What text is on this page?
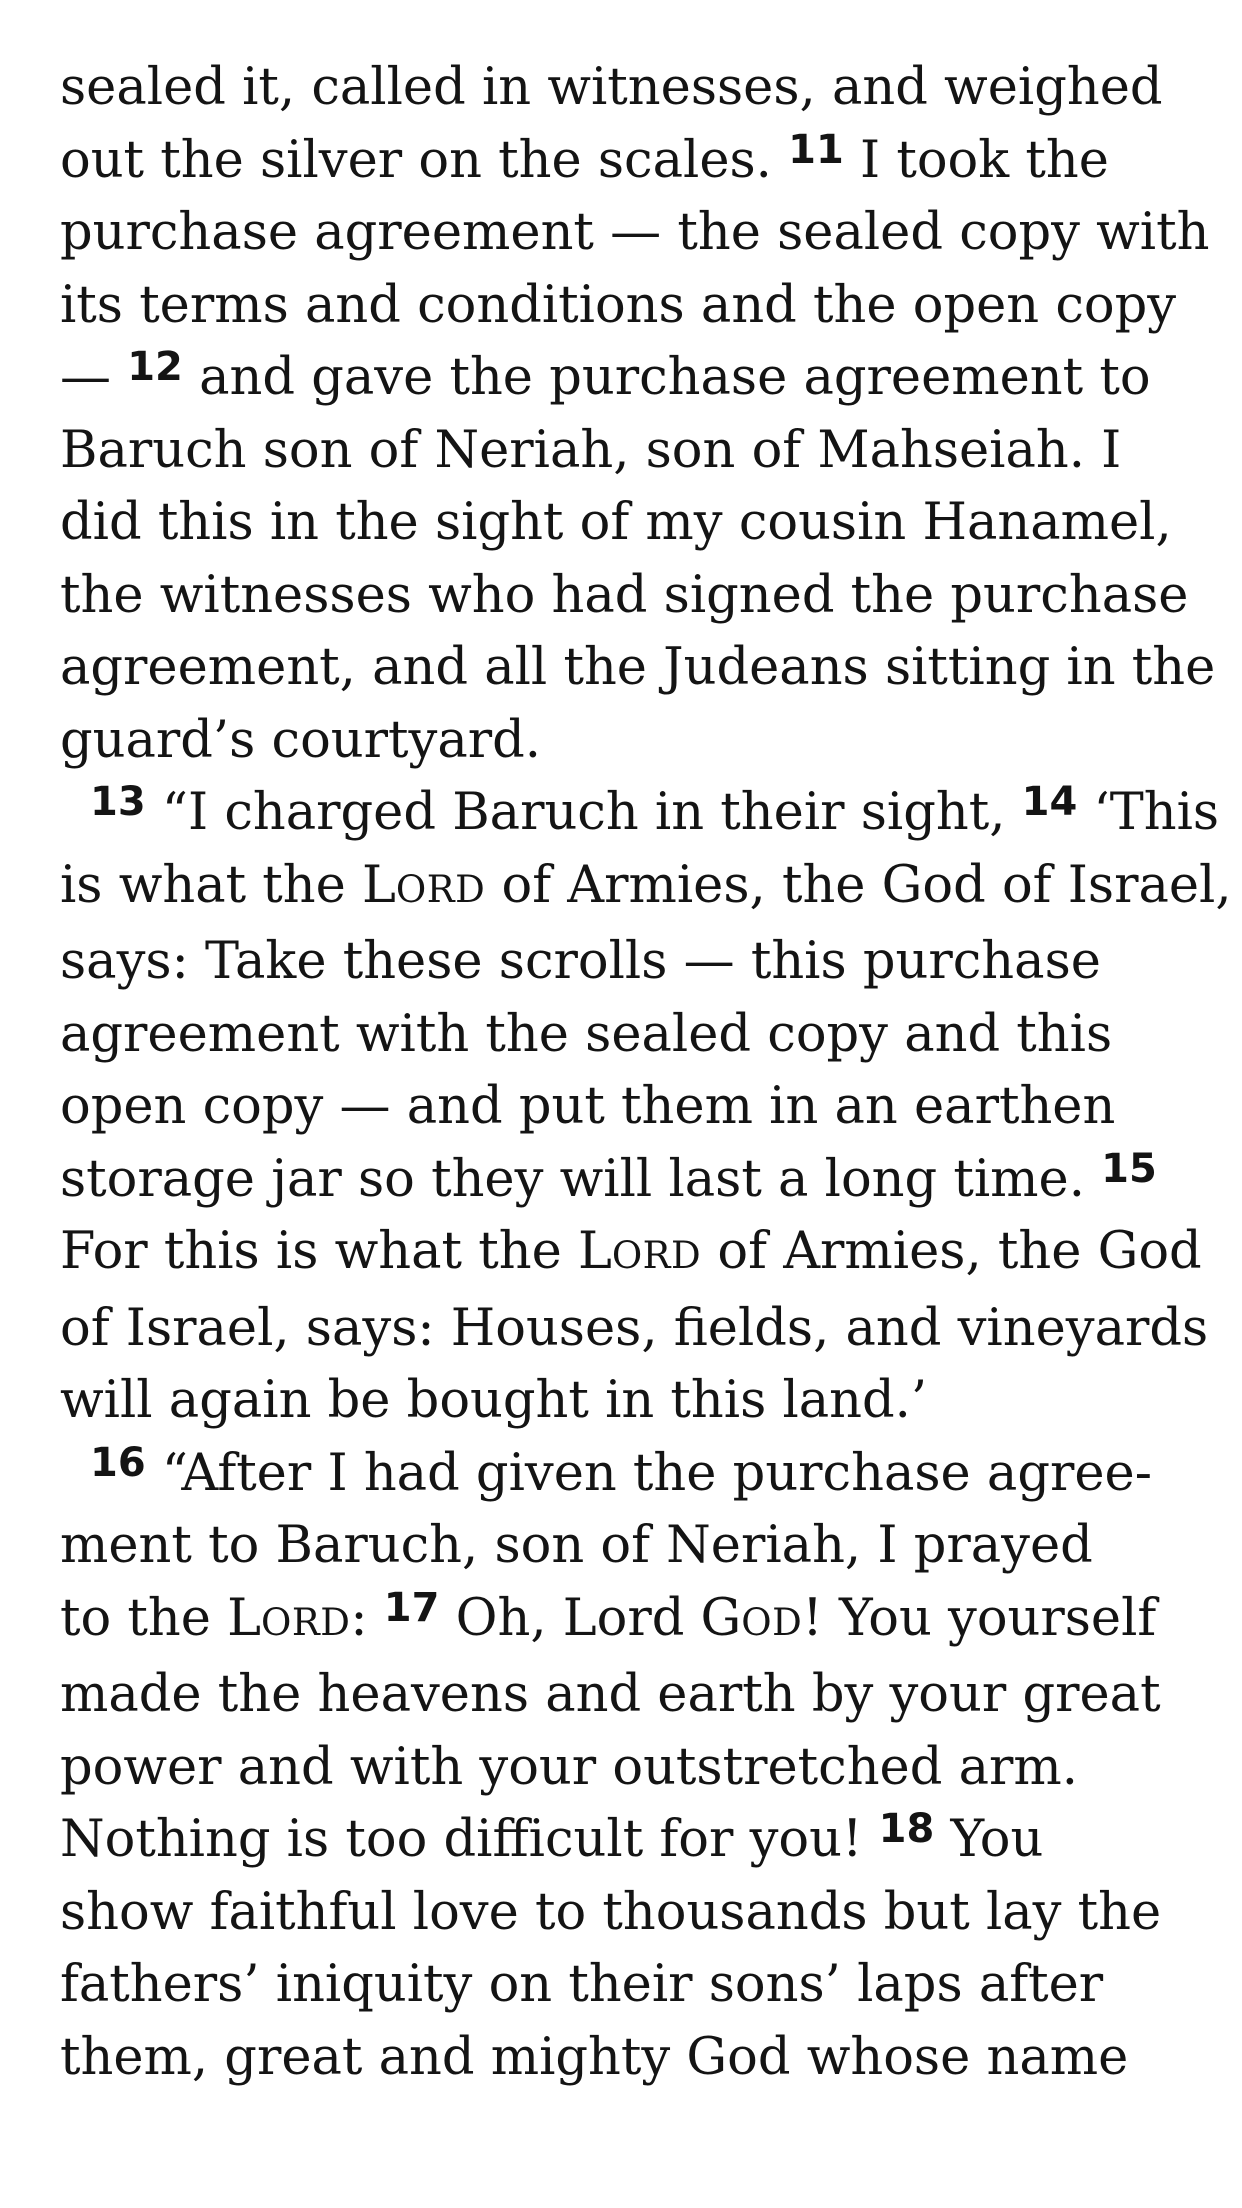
sealed it, called in witnesses, and weighed
out the silver on the scales. $^{11}$ I took the
purchase agreement — the sealed copy with
its terms and conditions and the open copy
— $^{12}$ and gave the purchase agreement to
Baruch son of Neriah, son of Mahseiah. I
did this in the sight of my cousin Hanamel,
the witnesses who had signed the purchase
agreement, and all the Judeans sitting in the
guard’s courtyard.

$^{13}$ “I charged Baruch in their sight, $^{14}$ ‘This
is what the LORD of Armies, the God of Israel,
says: Take these scrolls — this purchase
agreement with the sealed copy and this
open copy — and put them in an earthen
storage jar so they will last a long time. $^{15}$
For this is what the LORD of Armies, the God
of Israel, says: Houses, fields, and vineyards
will again be bought in this land.’

$^{16}$ “After I had given the purchase agree-
ment to Baruch, son of Neriah, I prayed
to the LORD: $^{17}$ Oh, Lord GOD! You yourself
made the heavens and earth by your great
power and with your outstretched arm.
Nothing is too difficult for you! $^{18}$ You
show faithful love to thousands but lay the
fathers’ iniquity on their sons’ laps after
them, great and mighty God whose name
